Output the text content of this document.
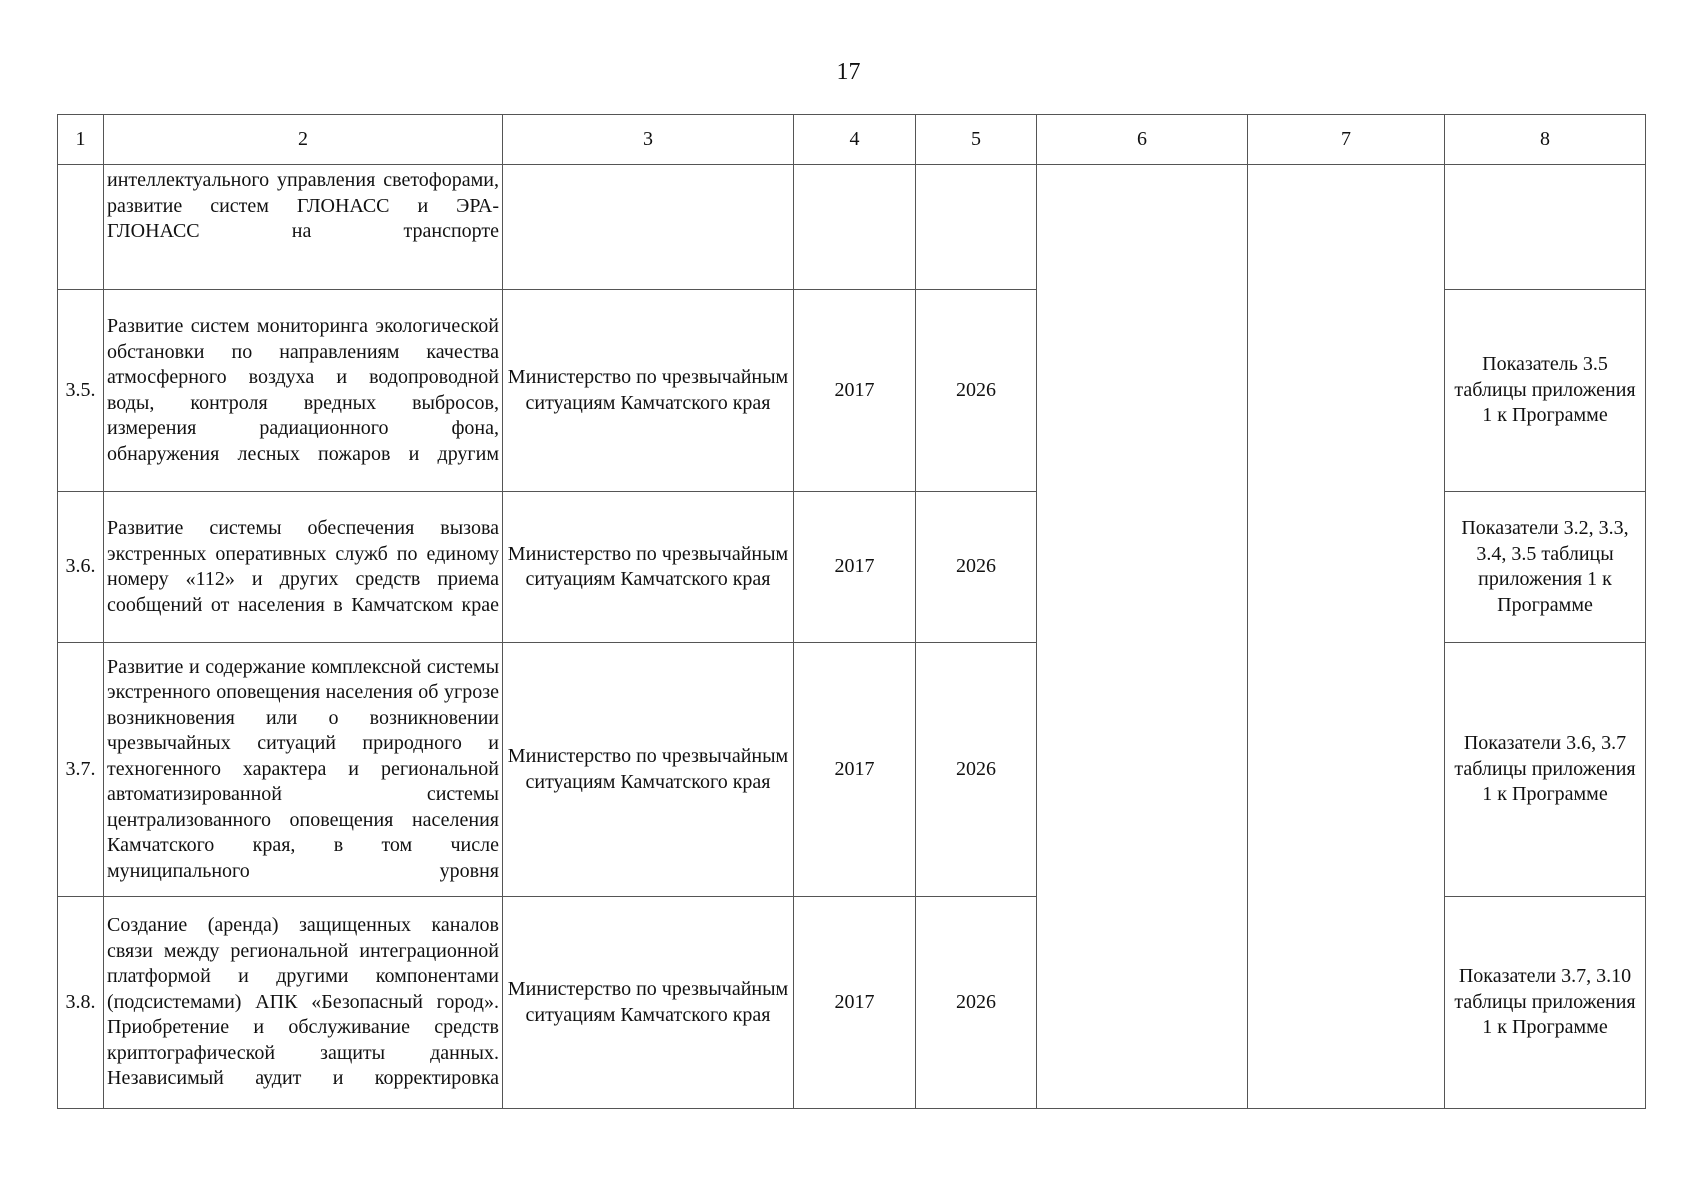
17
1	2	3	4	5	6	7	8
	интеллектуального управления светофорами, развитие систем ГЛОНАСС и ЭРА-ГЛОНАСС на транспорте						
3.5.	Развитие систем мониторинга экологической обстановки по направлениям качества атмосферного воздуха и водопроводной воды, контроля вредных выбросов, измерения радиационного фона, обнаружения лесных пожаров и другим	Министерство по чрезвычайным ситуациям Камчатского края	2017	2026			Показатель 3.5 таблицы приложения 1 к Программе
3.6.	Развитие системы обеспечения вызова экстренных оперативных служб по единому номеру «112» и других средств приема сообщений от населения в Камчатском крае	Министерство по чрезвычайным ситуациям Камчатского края	2017	2026			Показатели 3.2, 3.3, 3.4, 3.5 таблицы приложения 1 к Программе
3.7.	Развитие и содержание комплексной системы экстренного оповещения населения об угрозе возникновения или о возникновении чрезвычайных ситуаций природного и техногенного характера и региональной автоматизированной системы централизованного оповещения населения Камчатского края, в том числе муниципального уровня	Министерство по чрезвычайным ситуациям Камчатского края	2017	2026			Показатели 3.6, 3.7 таблицы приложения 1 к Программе
3.8.	Создание (аренда) защищенных каналов связи между региональной интеграционной платформой и другими компонентами (подсистемами) АПК «Безопасный город». Приобретение и обслуживание средств криптографической защиты данных. Независимый аудит и корректировка	Министерство по чрезвычайным ситуациям Камчатского края	2017	2026			Показатели 3.7, 3.10 таблицы приложения 1 к Программе
